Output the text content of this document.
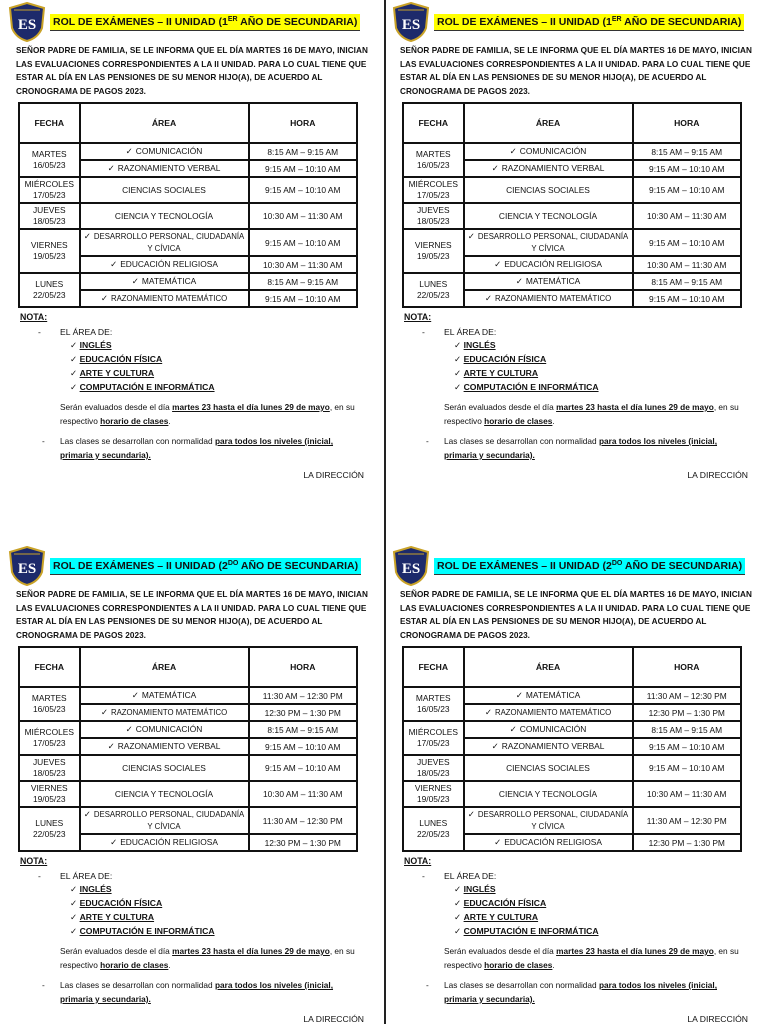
ES ROL DE EXÁMENES – II UNIDAD (1ER AÑO DE SECUNDARIA)
SEÑOR PADRE DE FAMILIA, SE LE INFORMA QUE EL DÍA MARTES 16 DE MAYO, INICIAN LAS EVALUACIONES CORRESPONDIENTES A LA II UNIDAD. PARA LO CUAL TIENE QUE ESTAR AL DÍA EN LAS PENSIONES DE SU MENOR HIJO(A), DE ACUERDO AL CRONOGRAMA DE PAGOS 2023.
FECHA	ÁREA	HORA
MARTES
16/05/23	✓ COMUNICACIÓN	8:15 AM – 9:15 AM
	✓ RAZONAMIENTO VERBAL	9:15 AM – 10:10 AM
MIÉRCOLES
17/05/23	CIENCIAS SOCIALES	9:15 AM – 10:10 AM
JUEVES
18/05/23	CIENCIA Y TECNOLOGÍA	10:30 AM – 11:30 AM
VIERNES
19/05/23	✓ DESARROLLO PERSONAL, CIUDADANÍA Y CÍVICA	9:15 AM – 10:10 AM
	✓ EDUCACIÓN RELIGIOSA	10:30 AM – 11:30 AM
LUNES
22/05/23	✓ MATEMÁTICA	8:15 AM – 9:15 AM
	✓ RAZONAMIENTO MATEMÁTICO	9:15 AM – 10:10 AM
NOTA:
- EL ÁREA DE:
✓ INGLÉS
✓ EDUCACIÓN FÍSICA
✓ ARTE Y CULTURA
✓ COMPUTACIÓN E INFORMÁTICA
Serán evaluados desde el día martes 23 hasta el día lunes 29 de mayo, en su respectivo horario de clases.
-	Las clases se desarrollan con normalidad para todos los niveles (inicial, primaria y secundaria).
LA DIRECCIÓN
ES ROL DE EXÁMENES – II UNIDAD (1ER AÑO DE SECUNDARIA)
SEÑOR PADRE DE FAMILIA, SE LE INFORMA QUE EL DÍA MARTES 16 DE MAYO, INICIAN LAS EVALUACIONES CORRESPONDIENTES A LA II UNIDAD. PARA LO CUAL TIENE QUE ESTAR AL DÍA EN LAS PENSIONES DE SU MENOR HIJO(A), DE ACUERDO AL CRONOGRAMA DE PAGOS 2023.
FECHA	ÁREA	HORA
MARTES
16/05/23	✓ COMUNICACIÓN	8:15 AM – 9:15 AM
	✓ RAZONAMIENTO VERBAL	9:15 AM – 10:10 AM
MIÉRCOLES
17/05/23	CIENCIAS SOCIALES	9:15 AM – 10:10 AM
JUEVES
18/05/23	CIENCIA Y TECNOLOGÍA	10:30 AM – 11:30 AM
VIERNES
19/05/23	✓ DESARROLLO PERSONAL, CIUDADANÍA Y CÍVICA	9:15 AM – 10:10 AM
	✓ EDUCACIÓN RELIGIOSA	10:30 AM – 11:30 AM
LUNES
22/05/23	✓ MATEMÁTICA	8:15 AM – 9:15 AM
	✓ RAZONAMIENTO MATEMÁTICO	9:15 AM – 10:10 AM
NOTA:
- EL ÁREA DE:
✓ INGLÉS
✓ EDUCACIÓN FÍSICA
✓ ARTE Y CULTURA
✓ COMPUTACIÓN E INFORMÁTICA
Serán evaluados desde el día martes 23 hasta el día lunes 29 de mayo, en su respectivo horario de clases.
-	Las clases se desarrollan con normalidad para todos los niveles (inicial, primaria y secundaria).
LA DIRECCIÓN
ES ROL DE EXÁMENES – II UNIDAD ($2^{DO}$ AÑO DE SECUNDARIA)
SEÑOR PADRE DE FAMILIA, SE LE INFORMA QUE EL DÍA MARTES 16 DE MAYO, INICIAN LAS EVALUACIONES CORRESPONDIENTES A LA II UNIDAD. PARA LO CUAL TIENE QUE ESTAR AL DÍA EN LAS PENSIONES DE SU MENOR HIJO(A), DE ACUERDO AL CRONOGRAMA DE PAGOS 2023.
FECHA	ÁREA	HORA
MARTES
16/05/23	✓ MATEMÁTICA	11:30 AM – 12:30 PM
	✓ RAZONAMIENTO MATEMÁTICO	12:30 PM – 1:30 PM
MIÉRCOLES
17/05/23	✓ COMUNICACIÓN	8:15 AM – 9:15 AM
	✓ RAZONAMIENTO VERBAL	9:15 AM – 10:10 AM
JUEVES
18/05/23	CIENCIAS SOCIALES	9:15 AM – 10:10 AM
VIERNES
19/05/23	CIENCIA Y TECNOLOGÍA	10:30 AM – 11:30 AM
LUNES
22/05/23	✓ DESARROLLO PERSONAL, CIUDADANÍA Y CÍVICA	11:30 AM – 12:30 PM
	✓ EDUCACIÓN RELIGIOSA	12:30 PM – 1:30 PM
NOTA:
- EL ÁREA DE:
✓ INGLÉS
✓ EDUCACIÓN FÍSICA
✓ ARTE Y CULTURA
✓ COMPUTACIÓN E INFORMÁTICA
Serán evaluados desde el día martes 23 hasta el día lunes 29 de mayo, en su respectivo horario de clases.
-	Las clases se desarrollan con normalidad para todos los niveles (inicial, primaria y secundaria).
LA DIRECCIÓN
ES ROL DE EXÁMENES – II UNIDAD ($2^{DO}$ AÑO DE SECUNDARIA)
SEÑOR PADRE DE FAMILIA, SE LE INFORMA QUE EL DÍA MARTES 16 DE MAYO, INICIAN LAS EVALUACIONES CORRESPONDIENTES A LA II UNIDAD. PARA LO CUAL TIENE QUE ESTAR AL DÍA EN LAS PENSIONES DE SU MENOR HIJO(A), DE ACUERDO AL CRONOGRAMA DE PAGOS 2023.
FECHA	ÁREA	HORA
MARTES
16/05/23	✓ MATEMÁTICA	11:30 AM – 12:30 PM
	✓ RAZONAMIENTO MATEMÁTICO	12:30 PM – 1:30 PM
MIÉRCOLES
17/05/23	✓ COMUNICACIÓN	8:15 AM – 9:15 AM
	✓ RAZONAMIENTO VERBAL	9:15 AM – 10:10 AM
JUEVES
18/05/23	CIENCIAS SOCIALES	9:15 AM – 10:10 AM
VIERNES
19/05/23	CIENCIA Y TECNOLOGÍA	10:30 AM – 11:30 AM
LUNES
22/05/23	✓ DESARROLLO PERSONAL, CIUDADANÍA Y CÍVICA	11:30 AM – 12:30 PM
	✓ EDUCACIÓN RELIGIOSA	12:30 PM – 1:30 PM
NOTA:
- EL ÁREA DE:
✓ INGLÉS
✓ EDUCACIÓN FÍSICA
✓ ARTE Y CULTURA
✓ COMPUTACIÓN E INFORMÁTICA
Serán evaluados desde el día martes 23 hasta el día lunes 29 de mayo, en su respectivo horario de clases.
-	Las clases se desarrollan con normalidad para todos los niveles (inicial, primaria y secundaria).
LA DIRECCIÓN
